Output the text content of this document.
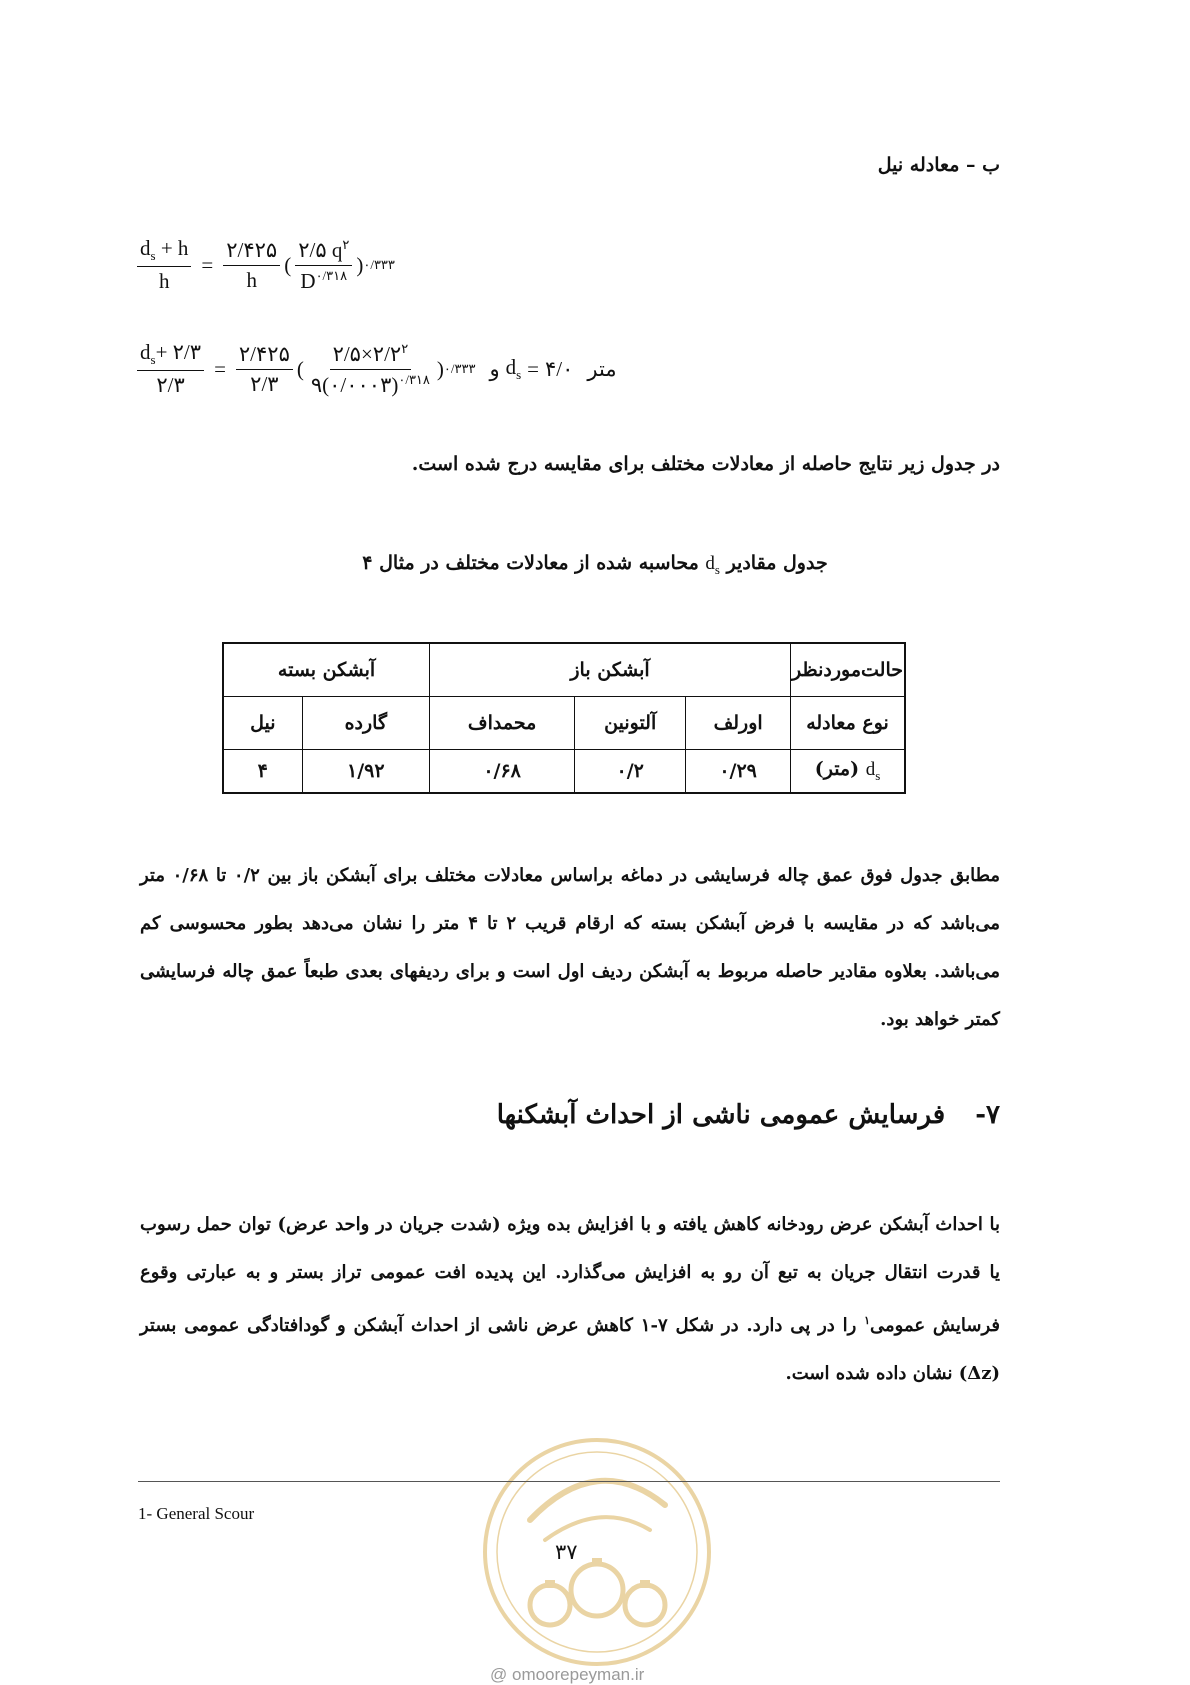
ب – معادله نیل
$\frac{d_s + h}{h} = \frac{۲/۴۲۵}{h}$ ( $\frac{۲/۵ q^۲}{D^{۰/۳۱۸}}$ ) ۰/۳۳۳
$\frac{d_s+ ۲/۳}{۲/۳} = \frac{۲/۴۲۵}{۲/۳}$ ( $\frac{۲/۵\times ۲/۲^۲}{۹(۰/۰۰۰۳)^{۰/۳۱۸}}$ ) ۰/۳۳۳ و $d_s$ = ۴/۰ متر
در جدول زیر نتایج حاصله از معادلات مختلف برای مقایسه درج شده است.
جدول مقادیر $d_s$ محاسبه شده از معادلات مختلف در مثال ۴
حالت‌موردنظر	آبشکن باز			آبشکن بسته	
نوع معادله	اورلف	آلتونین	محمداف	گارده	نیل
$d_s$ (متر)	۰/۲۹	۰/۲	۰/۶۸	۱/۹۲	۴
مطابق جدول فوق عمق چاله فرسایشی در دماغه براساس معادلات مختلف برای آبشکن باز بین ۰/۲ تا ۰/۶۸ متر می‌باشد که در مقایسه با فرض آبشکن بسته که ارقام قریب ۲ تا ۴ متر را نشان می‌دهد بطور محسوسی کم می‌باشد. بعلاوه مقادیر حاصله مربوط به آبشکن ردیف اول است و برای ردیفهای بعدی طبعاً عمق چاله فرسایشی کمتر خواهد بود.
۷-فرسایش عمومی ناشی از احداث آبشکنها
با احداث آبشکن عرض رودخانه کاهش یافته و با افزایش بده ویژه (شدت جریان در واحد عرض) توان حمل رسوب یا قدرت انتقال جریان به تبع آن رو به افزایش می‌گذارد. این پدیده افت عمومی تراز بستر و به عبارتی وقوع فرسایش عمومی$^۱$ را در پی دارد. در شکل ۷-۱ کاهش عرض ناشی از احداث آبشکن و گودافتادگی عمومی بستر (Δz) نشان داده شده است.
@ omoorepeyman.ir
1- General Scour
۳۷
